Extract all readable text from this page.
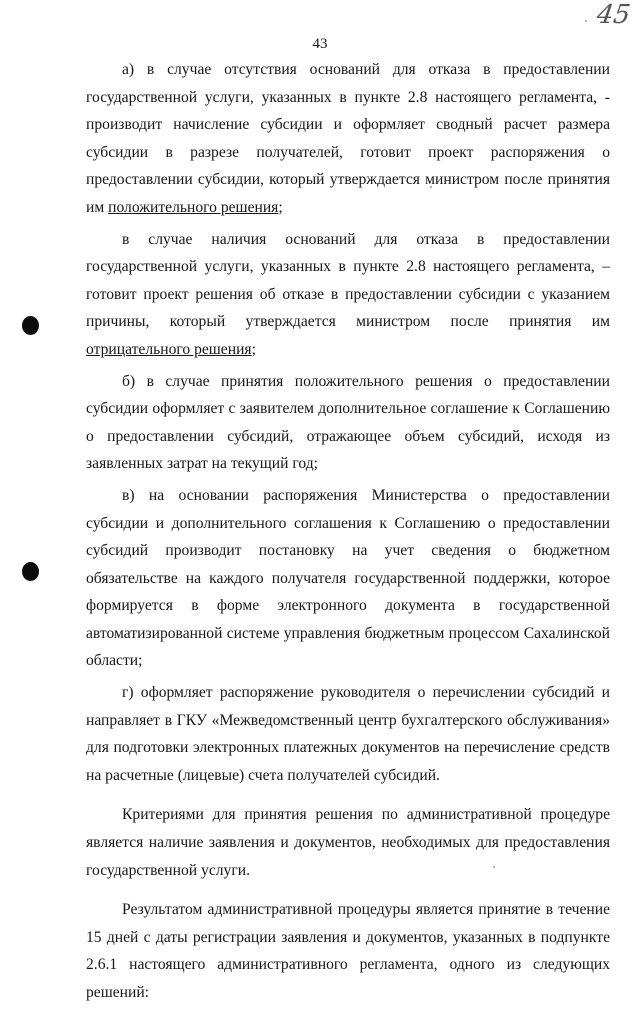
45
43

а) в случае отсутствия оснований для отказа в предоставлении государственной услуги, указанных в пункте 2.8 настоящего регламента, - производит начисление субсидии и оформляет сводный расчет размера субсидии в разрезе получателей, готовит проект распоряжения о предоставлении субсидии, который утверждается министром после принятия им положительного решения;

в случае наличия оснований для отказа в предоставлении государственной услуги, указанных в пункте 2.8 настоящего регламента, – готовит проект решения об отказе в предоставлении субсидии с указанием причины, который утверждается министром после принятия им отрицательного решения;

б) в случае принятия положительного решения о предоставлении субсидии оформляет с заявителем дополнительное соглашение к Соглашению о предоставлении субсидий, отражающее объем субсидий, исходя из заявленных затрат на текущий год;

в) на основании распоряжения Министерства о предоставлении субсидии и дополнительного соглашения к Соглашению о предоставлении субсидий производит постановку на учет сведения о бюджетном обязательстве на каждого получателя государственной поддержки, которое формируется в форме электронного документа в государственной автоматизированной системе управления бюджетным процессом Сахалинской области;

г) оформляет распоряжение руководителя о перечислении субсидий и направляет в ГКУ «Межведомственный центр бухгалтерского обслуживания» для подготовки электронных платежных документов на перечисление средств на расчетные (лицевые) счета получателей субсидий.

Критериями для принятия решения по административной процедуре является наличие заявления и документов, необходимых для предоставления государственной услуги.

Результатом административной процедуры является принятие в течение 15 дней с даты регистрации заявления и документов, указанных в подпункте 2.6.1 настоящего административного регламента, одного из следующих решений:
